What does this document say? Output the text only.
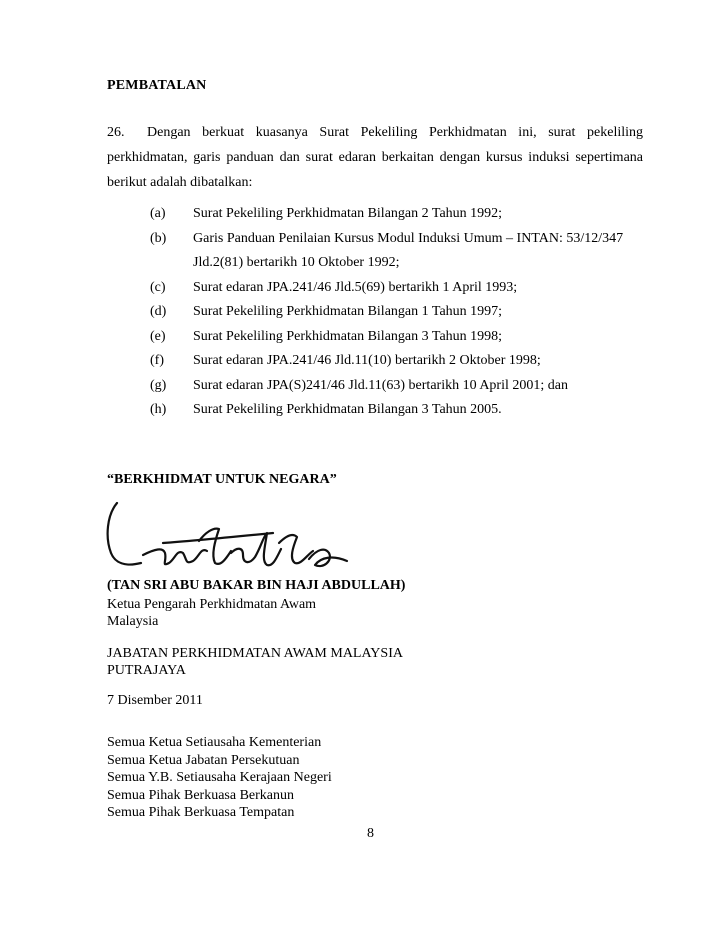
PEMBATALAN
26. Dengan berkuat kuasanya Surat Pekeliling Perkhidmatan ini, surat pekeliling perkhidmatan, garis panduan dan surat edaran berkaitan dengan kursus induksi sepertimana berikut adalah dibatalkan:
(a)	Surat Pekeliling Perkhidmatan Bilangan 2 Tahun 1992;
(b)	Garis Panduan Penilaian Kursus Modul Induksi Umum – INTAN: 53/12/347 Jld.2(81) bertarikh 10 Oktober 1992;
(c)	Surat edaran JPA.241/46 Jld.5(69) bertarikh 1 April 1993;
(d)	Surat Pekeliling Perkhidmatan Bilangan 1 Tahun 1997;
(e)	Surat Pekeliling Perkhidmatan Bilangan 3 Tahun 1998;
(f)	Surat edaran JPA.241/46 Jld.11(10) bertarikh 2 Oktober 1998;
(g)	Surat edaran JPA(S)241/46 Jld.11(63) bertarikh 10 April 2001; dan
(h)	Surat Pekeliling Perkhidmatan Bilangan 3 Tahun 2005.
“BERKHIDMAT UNTUK NEGARA”
(TAN SRI ABU BAKAR BIN HAJI ABDULLAH)
Ketua Pengarah Perkhidmatan Awam
Malaysia
JABATAN PERKHIDMATAN AWAM MALAYSIA
PUTRAJAYA
7 Disember 2011
Semua Ketua Setiausaha Kementerian
Semua Ketua Jabatan Persekutuan
Semua Y.B. Setiausaha Kerajaan Negeri
Semua Pihak Berkuasa Berkanun
Semua Pihak Berkuasa Tempatan
8
